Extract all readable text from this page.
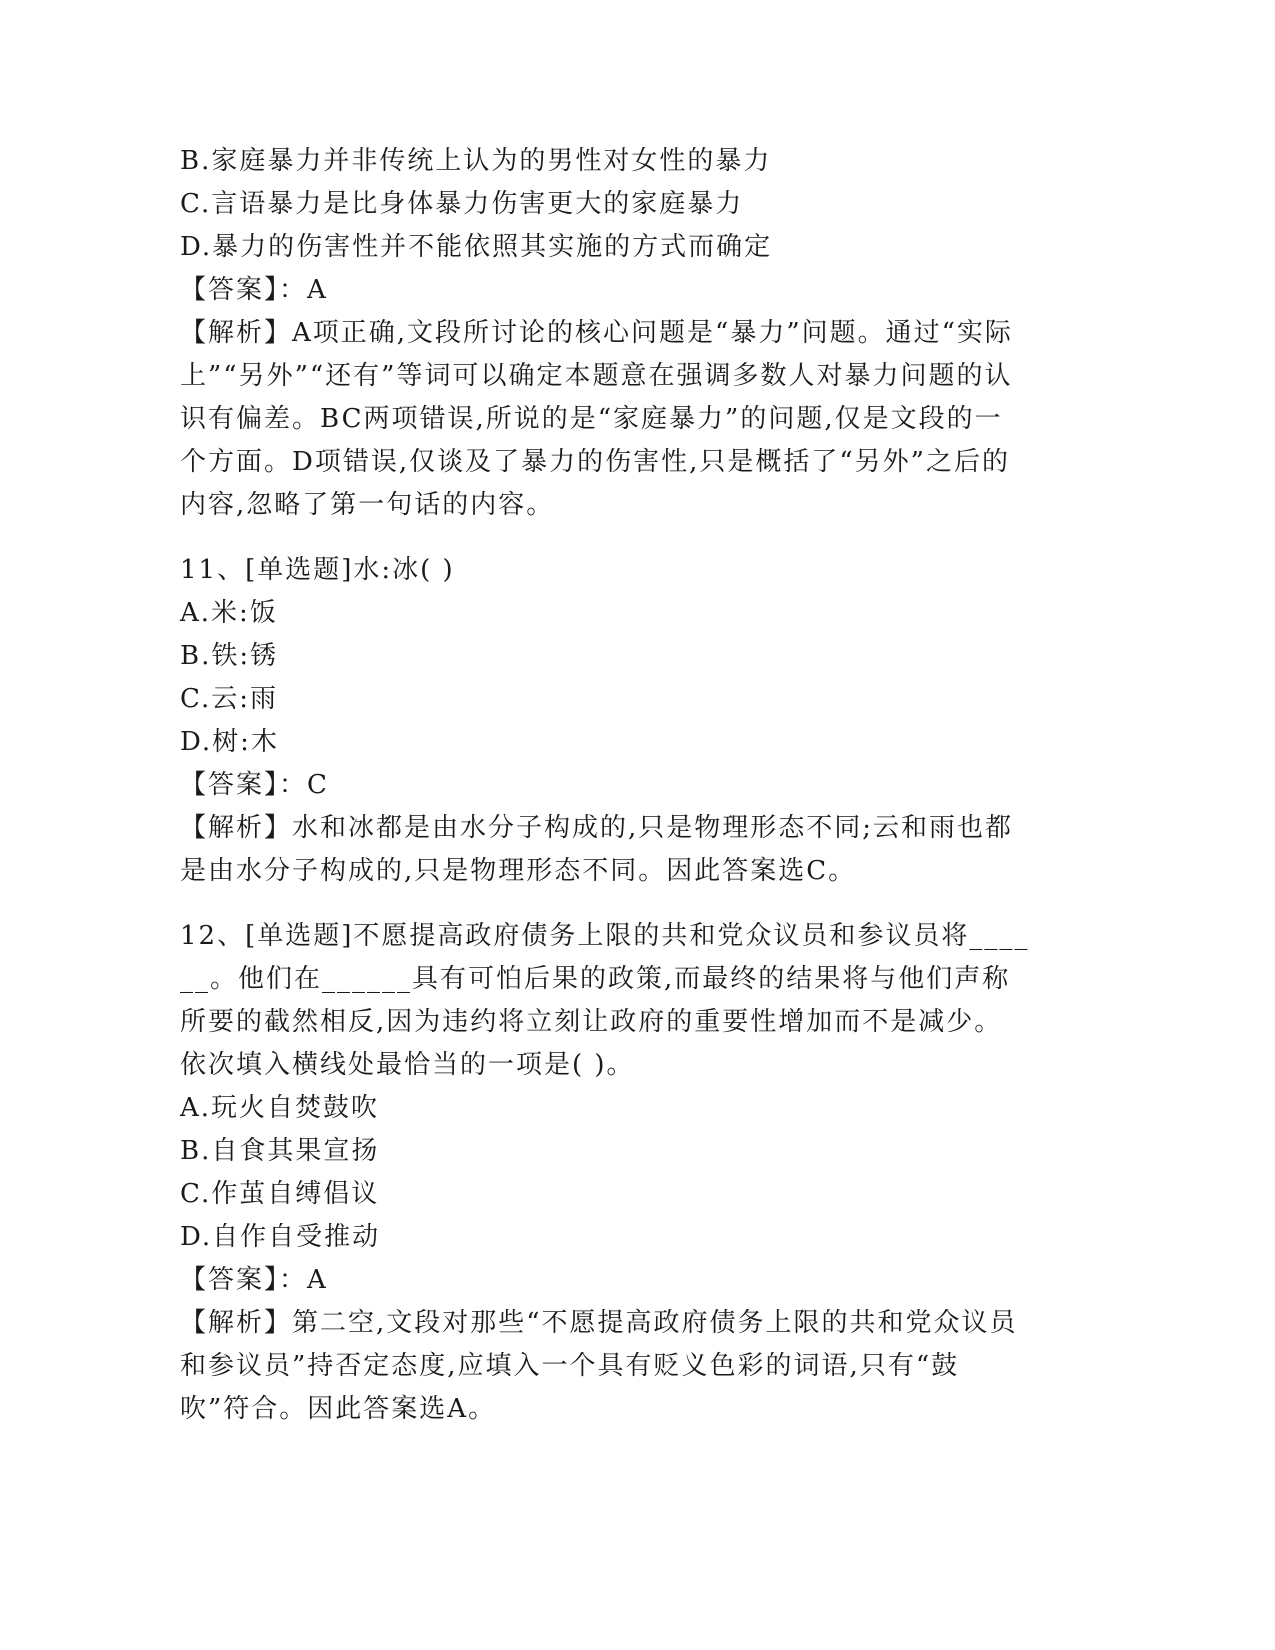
B.家庭暴力并非传统上认为的男性对女性的暴力
C.言语暴力是比身体暴力伤害更大的家庭暴力
D.暴力的伤害性并不能依照其实施的方式而确定
【答案】：A
【解析】A项正确,文段所讨论的核心问题是“暴力”问题。通过“实际上”“另外”“还有”等词可以确定本题意在强调多数人对暴力问题的认识有偏差。BC两项错误,所说的是“家庭暴力”的问题,仅是文段的一个方面。D项错误,仅谈及了暴力的伤害性,只是概括了“另外”之后的内容,忽略了第一句话的内容。
11、[单选题]水:冰( )
A.米:饭
B.铁:锈
C.云:雨
D.树:木
【答案】：C
【解析】水和冰都是由水分子构成的,只是物理形态不同;云和雨也都是由水分子构成的,只是物理形态不同。因此答案选C。
12、[单选题]不愿提高政府债务上限的共和党众议员和参议员将______。他们在______具有可怕后果的政策,而最终的结果将与他们声称所要的截然相反,因为违约将立刻让政府的重要性增加而不是减少。依次填入横线处最恰当的一项是( )。
A.玩火自焚鼓吹
B.自食其果宣扬
C.作茧自缚倡议
D.自作自受推动
【答案】：A
【解析】第二空,文段对那些“不愿提高政府债务上限的共和党众议员和参议员”持否定态度,应填入一个具有贬义色彩的词语,只有“鼓吹”符合。因此答案选A。
